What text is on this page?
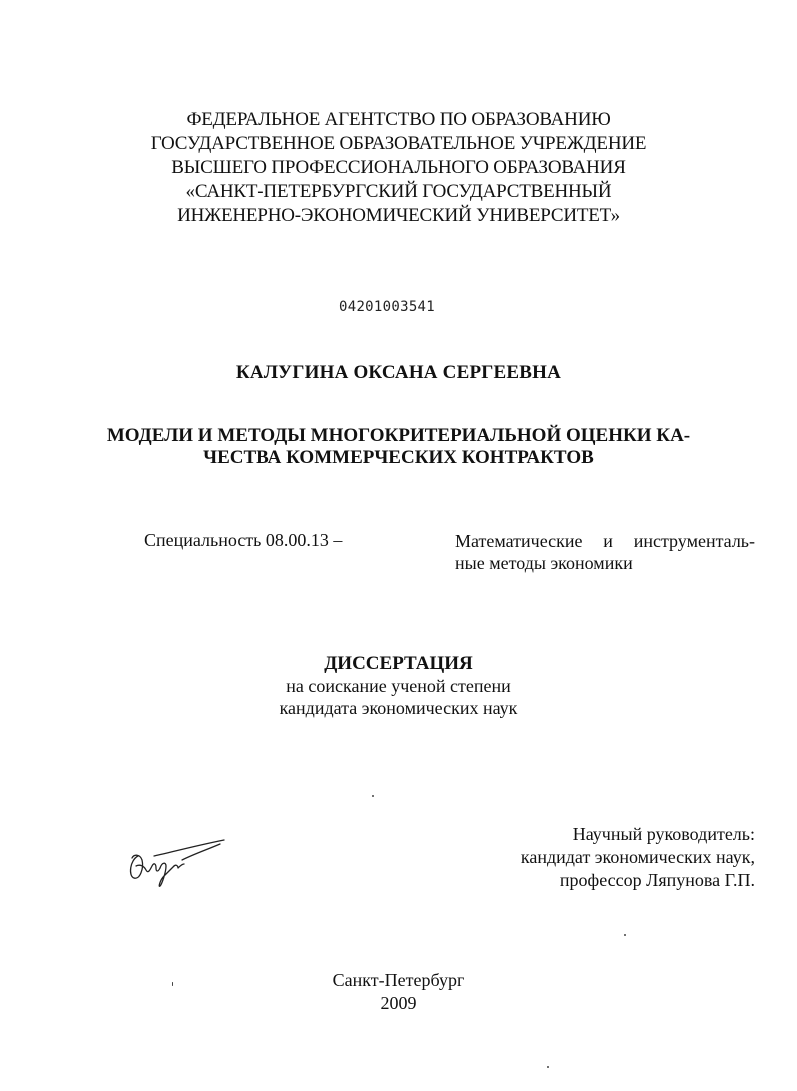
ФЕДЕРАЛЬНОЕ АГЕНТСТВО ПО ОБРАЗОВАНИЮ
ГОСУДАРСТВЕННОЕ ОБРАЗОВАТЕЛЬНОЕ УЧРЕЖДЕНИЕ
ВЫСШЕГО ПРОФЕССИОНАЛЬНОГО ОБРАЗОВАНИЯ
«САНКТ-ПЕТЕРБУРГСКИЙ ГОСУДАРСТВЕННЫЙ
ИНЖЕНЕРНО-ЭКОНОМИЧЕСКИЙ УНИВЕРСИТЕТ»
04201003541
КАЛУГИНА ОКСАНА СЕРГЕЕВНА
МОДЕЛИ И МЕТОДЫ МНОГОКРИТЕРИАЛЬНОЙ ОЦЕНКИ КА-
ЧЕСТВА КОММЕРЧЕСКИХ КОНТРАКТОВ
Специальность 08.00.13 –	Математические и инструменталь-
ные методы экономики
ДИССЕРТАЦИЯ
на соискание ученой степени
кандидата экономических наук
Научный руководитель:
кандидат экономических наук,
профессор Ляпунова Г.П.
Санкт-Петербург
2009
